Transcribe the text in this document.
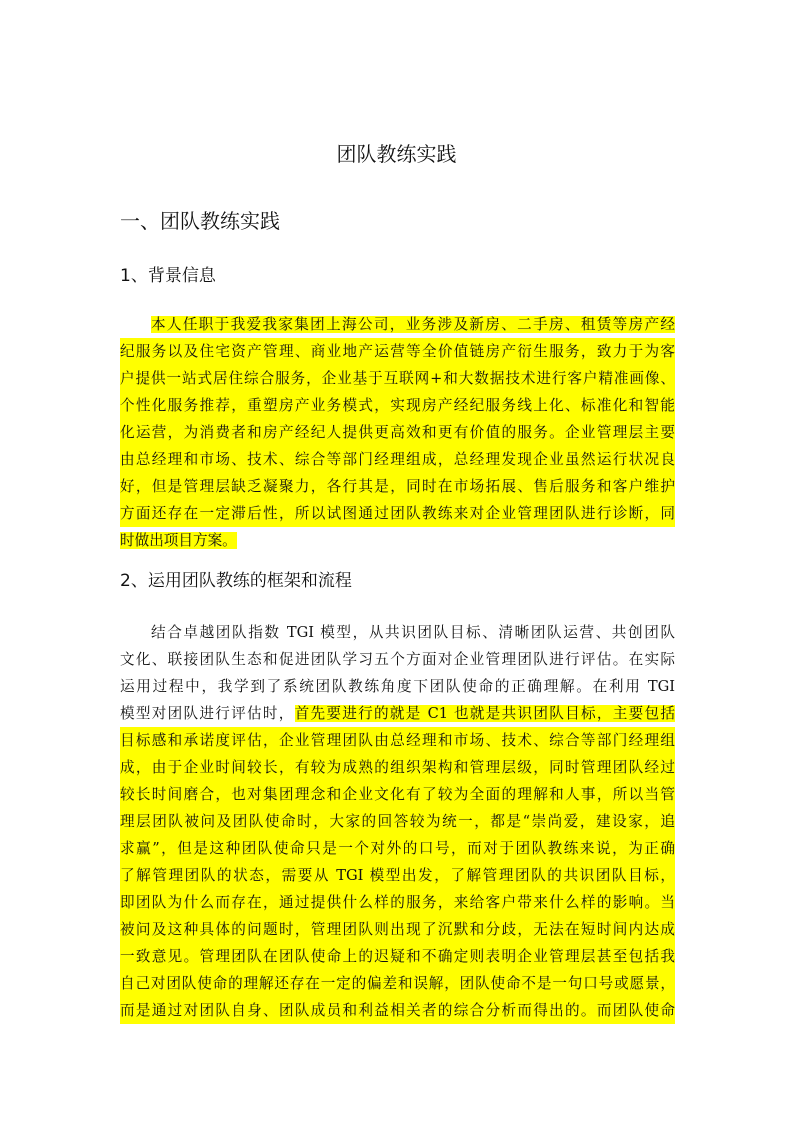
团队教练实践
一、团队教练实践
1、背景信息
本人任职于我爱我家集团上海公司，业务涉及新房、二手房、租赁等房产经
纪服务以及住宅资产管理、商业地产运营等全价值链房产衍生服务，致力于为客
户提供一站式居住综合服务，企业基于互联网+和大数据技术进行客户精准画像、
个性化服务推荐，重塑房产业务模式，实现房产经纪服务线上化、标准化和智能
化运营，为消费者和房产经纪人提供更高效和更有价值的服务。企业管理层主要
由总经理和市场、技术、综合等部门经理组成，总经理发现企业虽然运行状况良
好，但是管理层缺乏凝聚力，各行其是，同时在市场拓展、售后服务和客户维护
方面还存在一定滞后性，所以试图通过团队教练来对企业管理团队进行诊断，同
时做出项目方案。
2、运用团队教练的框架和流程
结合卓越团队指数 TGI 模型，从共识团队目标、清晰团队运营、共创团队
文化、联接团队生态和促进团队学习五个方面对企业管理团队进行评估。在实际
运用过程中，我学到了系统团队教练角度下团队使命的正确理解。在利用 TGI
模型对团队进行评估时，首先要进行的就是 C1 也就是共识团队目标，主要包括
目标感和承诺度评估，企业管理团队由总经理和市场、技术、综合等部门经理组
成，由于企业时间较长，有较为成熟的组织架构和管理层级，同时管理团队经过
较长时间磨合，也对集团理念和企业文化有了较为全面的理解和人事，所以当管
理层团队被问及团队使命时，大家的回答较为统一，都是“崇尚爱，建设家，追
求赢”，但是这种团队使命只是一个对外的口号，而对于团队教练来说，为正确
了解管理团队的状态，需要从 TGI 模型出发，了解管理团队的共识团队目标，
即团队为什么而存在，通过提供什么样的服务，来给客户带来什么样的影响。当
被问及这种具体的问题时，管理团队则出现了沉默和分歧，无法在短时间内达成
一致意见。管理团队在团队使命上的迟疑和不确定则表明企业管理层甚至包括我
自己对团队使命的理解还存在一定的偏差和误解，团队使命不是一句口号或愿景，
而是通过对团队自身、团队成员和利益相关者的综合分析而得出的。而团队使命
